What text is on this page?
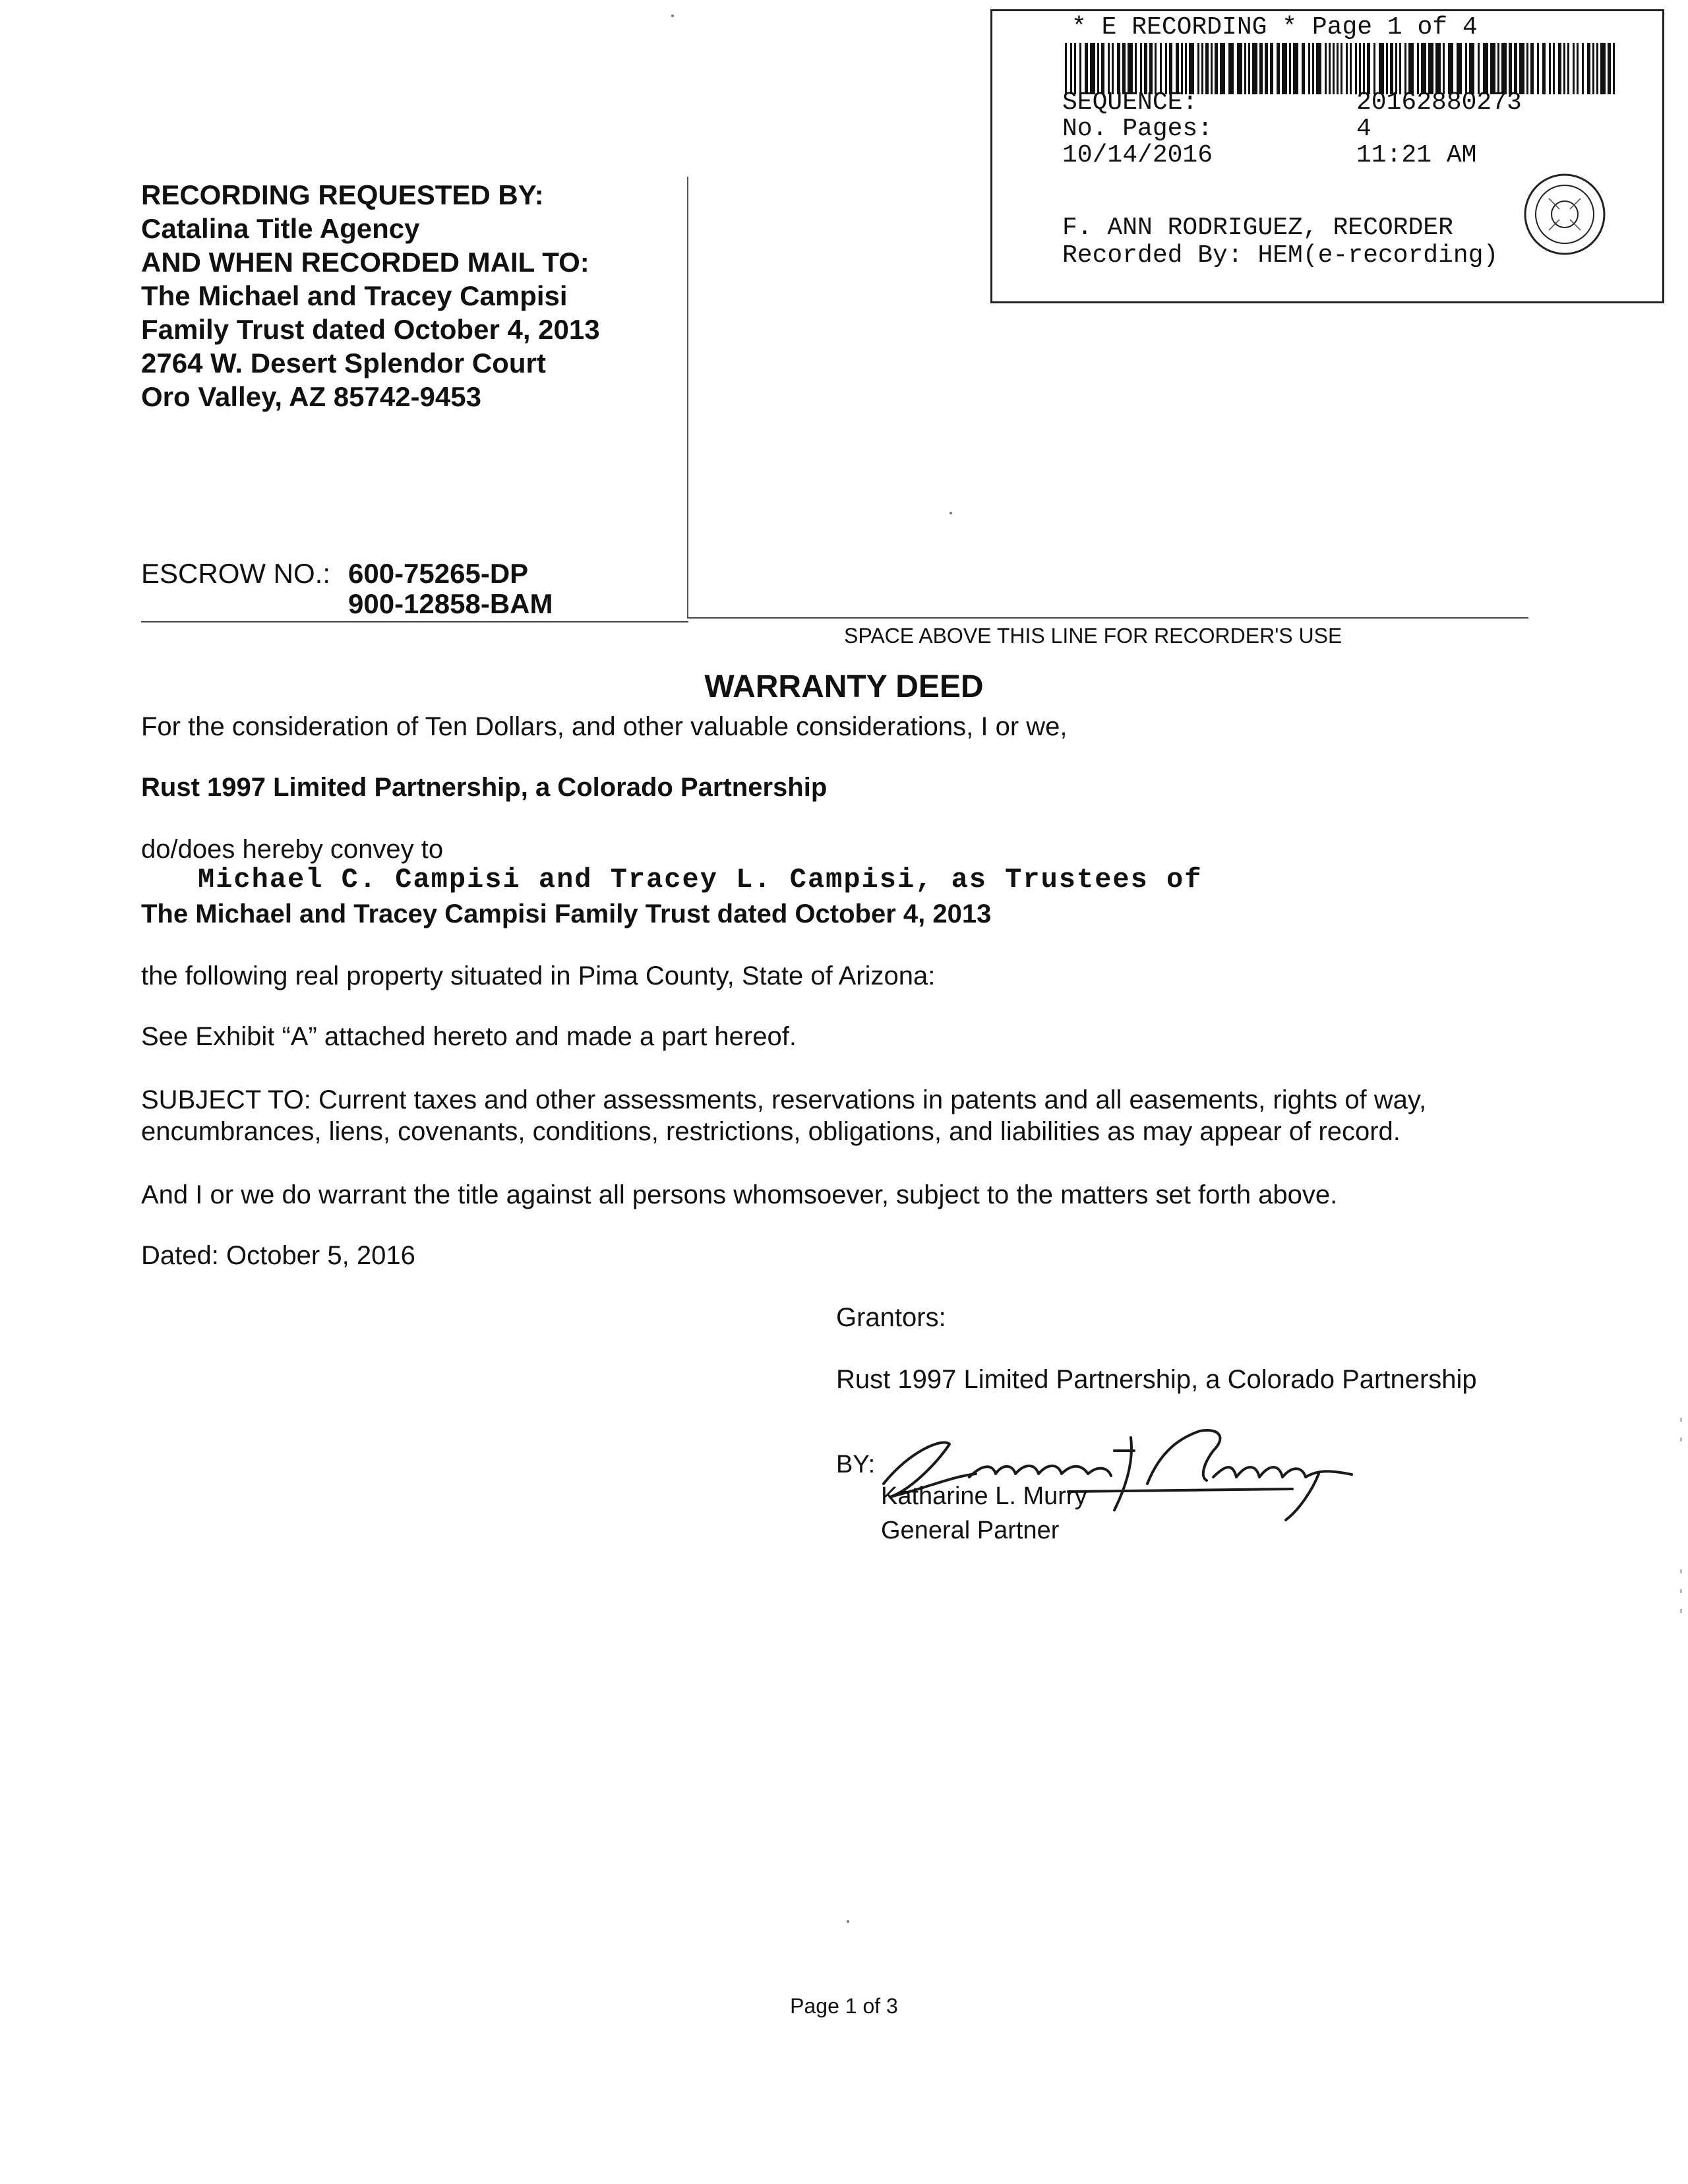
* E RECORDING * Page 1 of 4
SEQUENCE:	20162880273
No. Pages:	4
10/14/2016	11:21 AM
F. ANN RODRIGUEZ, RECORDER
Recorded By: HEM(e-recording)
RECORDING REQUESTED BY:
Catalina Title Agency
AND WHEN RECORDED MAIL TO:
The Michael and Tracey Campisi
Family Trust dated October 4, 2013
2764 W. Desert Splendor Court
Oro Valley, AZ 85742-9453
ESCROW NO.: 600-75265-DP
900-12858-BAM
SPACE ABOVE THIS LINE FOR RECORDER'S USE
WARRANTY DEED
For the consideration of Ten Dollars, and other valuable considerations, I or we,
Rust 1997 Limited Partnership, a Colorado Partnership
do/does hereby convey to
Michael C. Campisi and Tracey L. Campisi, as Trustees of
The Michael and Tracey Campisi Family Trust dated October 4, 2013
the following real property situated in Pima County, State of Arizona:
See Exhibit “A” attached hereto and made a part hereof.
SUBJECT TO: Current taxes and other assessments, reservations in patents and all easements, rights of way,
encumbrances, liens, covenants, conditions, restrictions, obligations, and liabilities as may appear of record.
And I or we do warrant the title against all persons whomsoever, subject to the matters set forth above.
Dated: October 5, 2016
Grantors:
Rust 1997 Limited Partnership, a Colorado Partnership
BY:
Katharine L. Murry
General Partner
Page 1 of 3
